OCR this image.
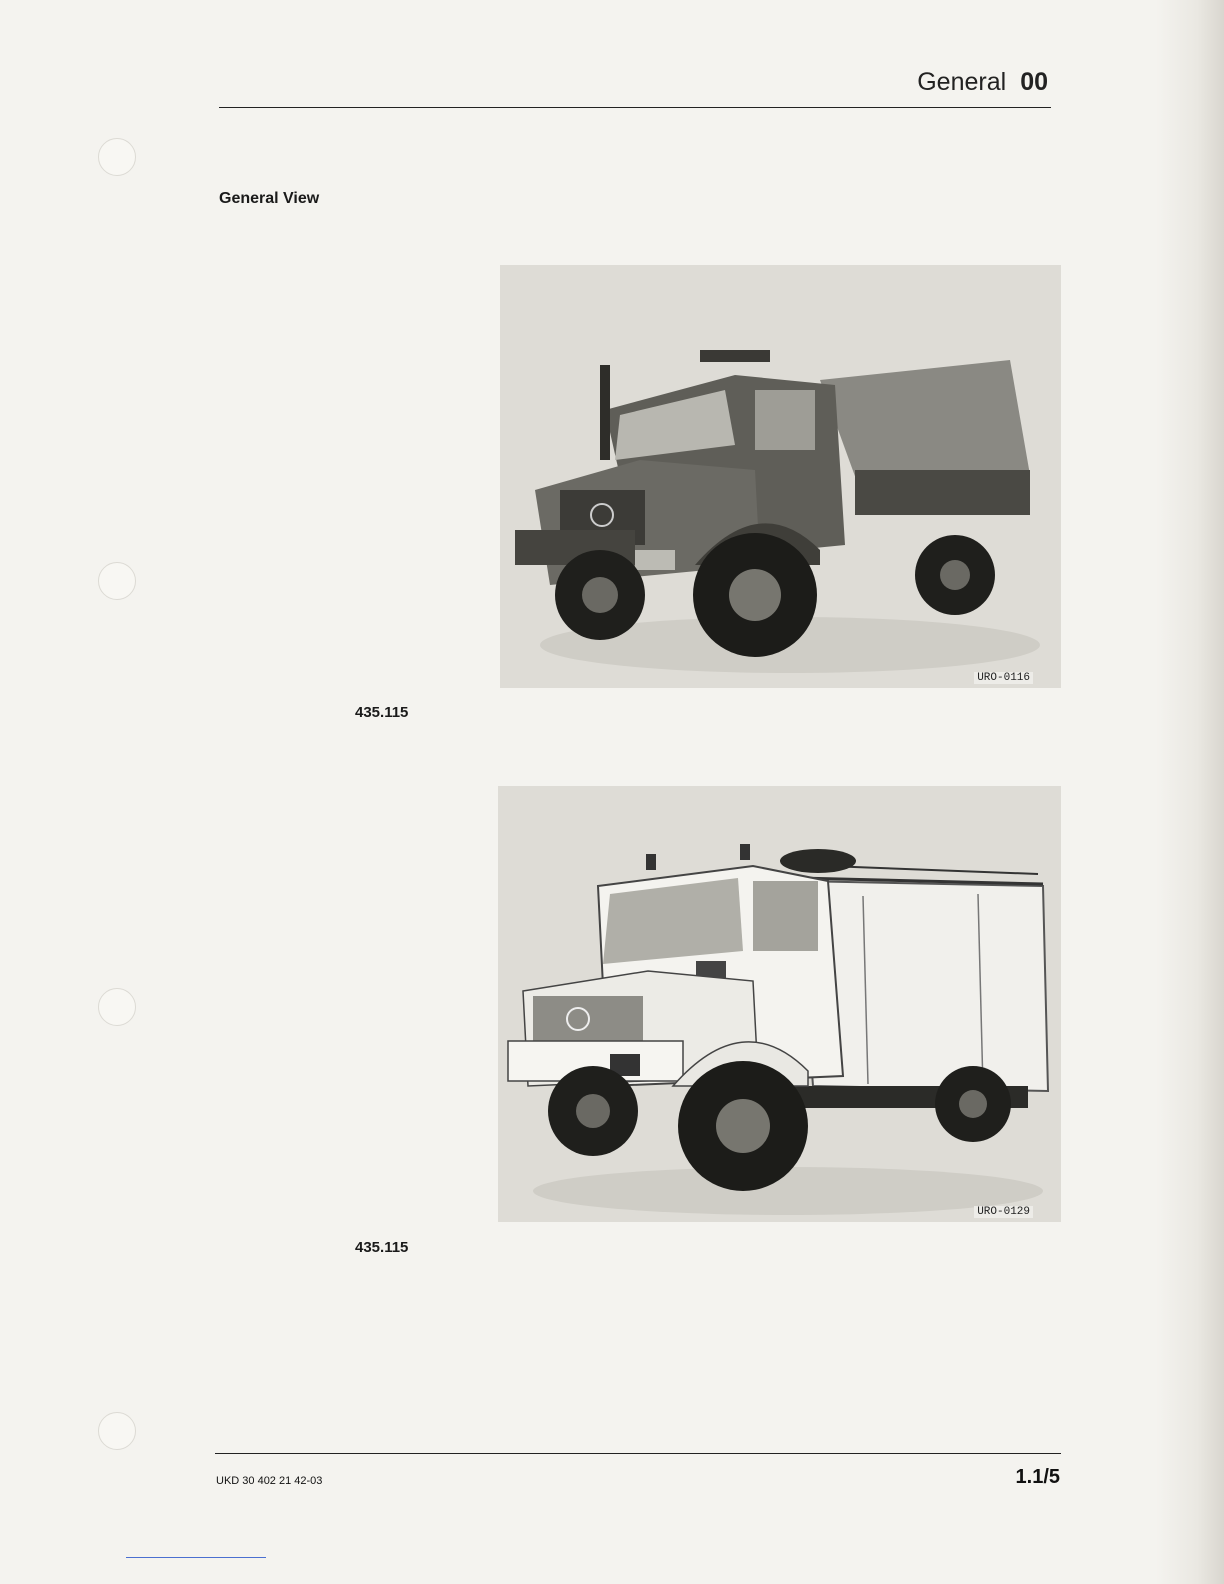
General 00
General View
URO-0116
435.115
URO-0129
435.115
UKD 30 402 21 42-03	1.1/5
